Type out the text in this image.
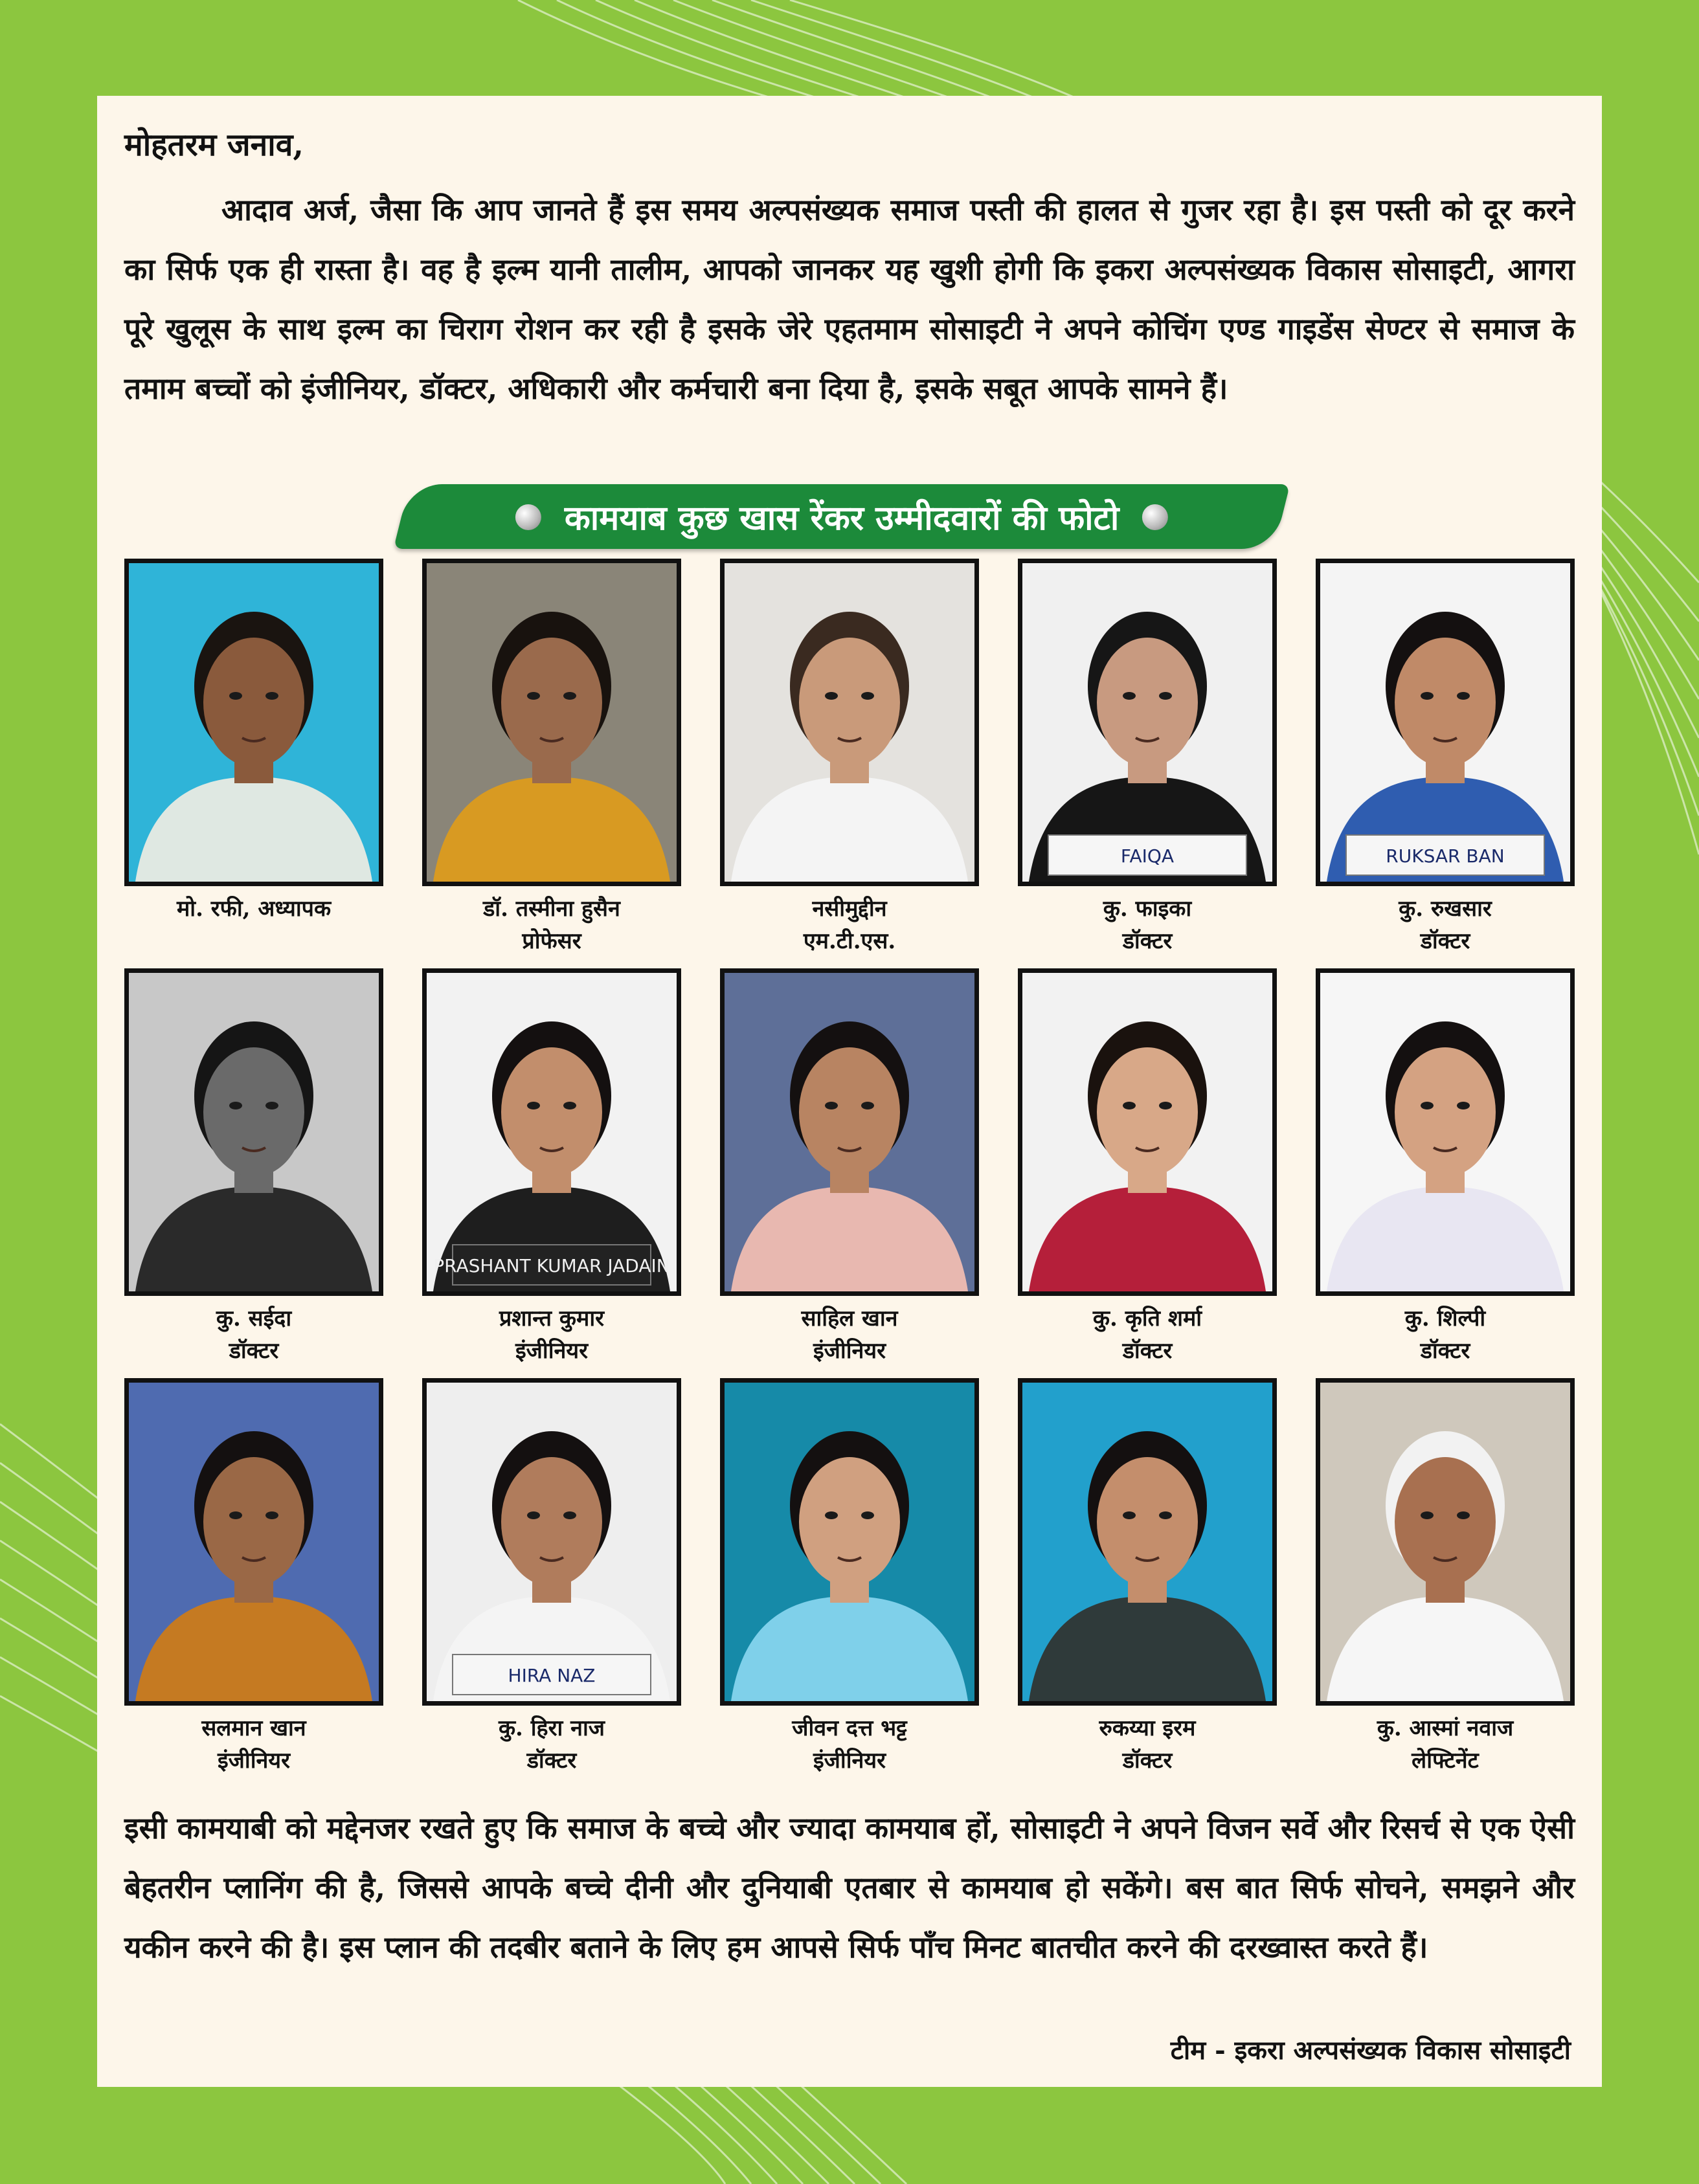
मोहतरम जनाव,

आदाव अर्ज, जैसा कि आप जानते हैं इस समय अल्पसंख्यक समाज पस्ती की हालत से गुजर रहा है। इस पस्ती को दूर करने का सिर्फ एक ही रास्ता है। वह है इल्म यानी तालीम, आपको जानकर यह खुशी होगी कि इकरा अल्पसंख्यक विकास सोसाइटी, आगरा पूरे खुलूस के साथ इल्म का चिराग रोशन कर रही है इसके जेरे एहतमाम सोसाइटी ने अपने कोचिंग एण्ड गाइडेंस सेण्टर से समाज के तमाम बच्चों को इंजीनियर, डॉक्टर, अधिकारी और कर्मचारी बना दिया है, इसके सबूत आपके सामने हैं।

कामयाब कुछ खास रेंकर उम्मीदवारों की फोटो
मो. रफी, अध्यापक	डॉ. तस्मीना हुसैन
प्रोफेसर
नसीमुद्दीन
एम.टी.एस.
FAIQA
कु. फाइका
डॉक्टर
RUKSAR BAN
कु. रुखसार
डॉक्टर
कु. सईदा
डॉक्टर
PRASHANT KUMAR JADAIN
प्रशान्त कुमार
इंजीनियर
साहिल खान
इंजीनियर
कु. कृति शर्मा
डॉक्टर
कु. शिल्पी
डॉक्टर
सलमान खान
इंजीनियर
HIRA NAZ
कु. हिरा नाज
डॉक्टर
जीवन दत्त भट्ट
इंजीनियर
रुकय्या इरम
डॉक्टर
कु. आस्मां नवाज
लेफ्टिनेंट

इसी कामयाबी को मद्देनजर रखते हुए कि समाज के बच्चे और ज्यादा कामयाब हों, सोसाइटी ने अपने विजन सर्वे और रिसर्च से एक ऐसी बेहतरीन प्लानिंग की है, जिससे आपके बच्चे दीनी और दुनियाबी एतबार से कामयाब हो सकेंगे। बस बात सिर्फ सोचने, समझने और यकीन करने की है। इस प्लान की तदबीर बताने के लिए हम आपसे सिर्फ पाँच मिनट बातचीत करने की दरख्वास्त करते हैं।

टीम - इकरा अल्पसंख्यक विकास सोसाइटी
